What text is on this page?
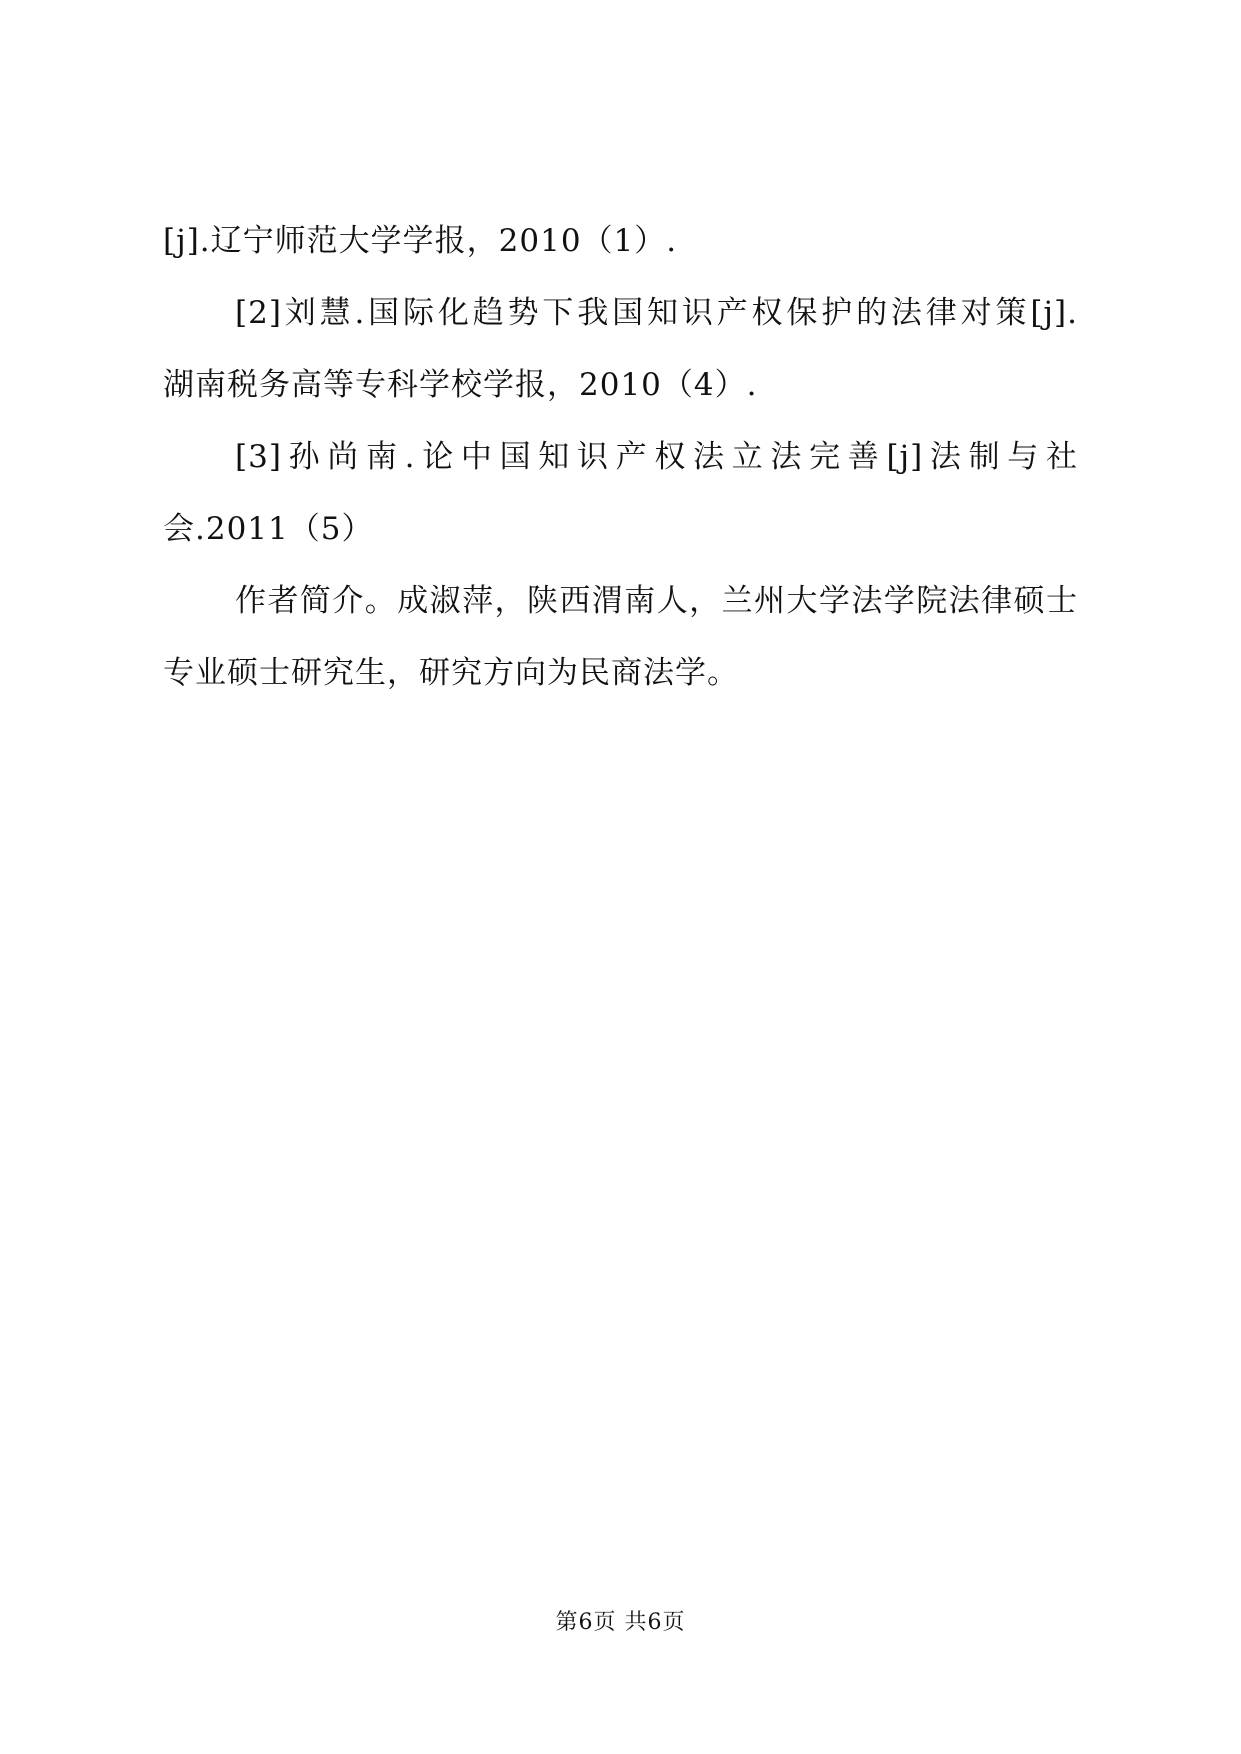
[j].辽宁师范大学学报，2010（1）.
[2]刘慧.国际化趋势下我国知识产权保护的法律对策[j].
湖南税务高等专科学校学报，2010（4）.
[3]孙尚南.论中国知识产权法立法完善[j]法制与社
会.2011（5）
作者简介。成淑萍，陕西渭南人，兰州大学法学院法律硕士
专业硕士研究生，研究方向为民商法学。
第6页 共6页
